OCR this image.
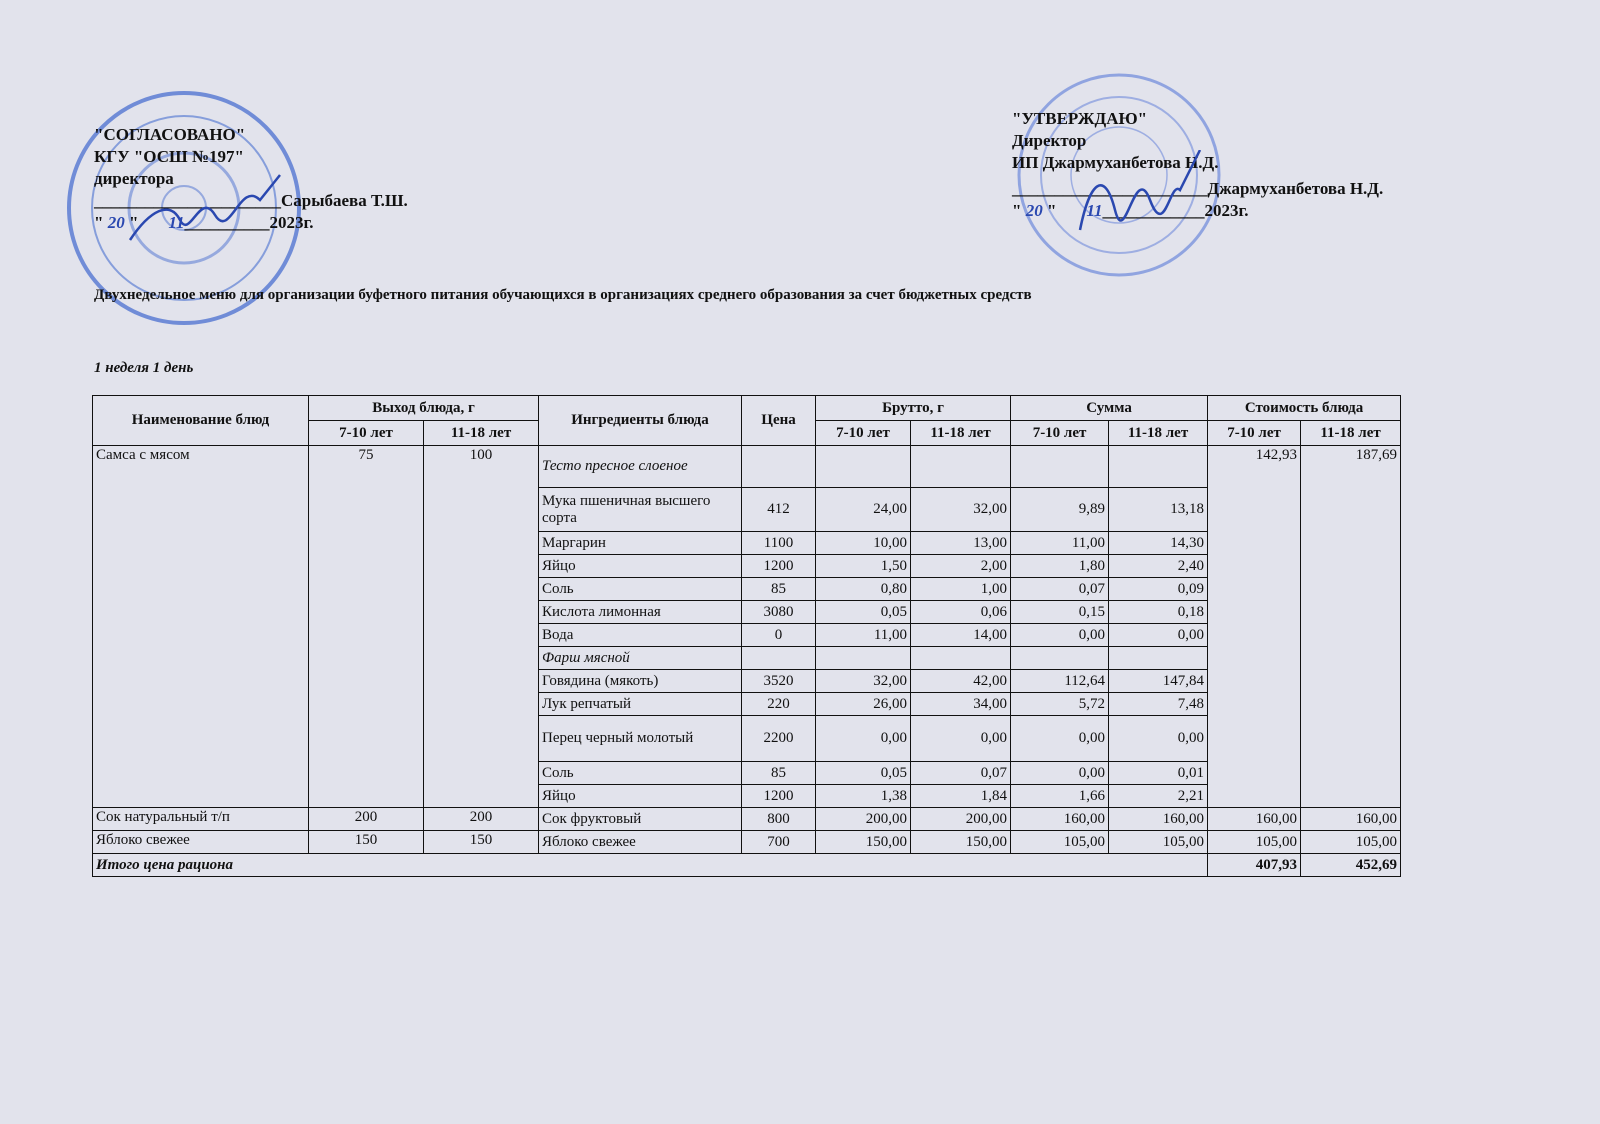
"СОГЛАСОВАНО"
КГУ "ОСШ №197"
директора
______________________Сарыбаева Т.Ш.
" 20 " 11__________2023г.
"УТВЕРЖДАЮ"
Директор
ИП Джармуханбетова Н.Д.
_______________________Джармуханбетова Н.Д.
" 20 " 11____________2023г.
Двухнедельное меню для организации буфетного питания обучающихся в организациях среднего образования за счет бюджетных средств
1 неделя 1 день
Наименование блюд	Выход блюда, г		Ингредиенты блюда	Цена	Брутто, г		Сумма		Стоимость блюда	
	7-10 лет	11-18 лет			7-10 лет	11-18 лет	7-10 лет	11-18 лет	7-10 лет	11-18 лет
Самса с мясом	75	100	Тесто пресное слоеное						142,93	187,69
			Мука пшеничная высшего сорта	412	24,00	32,00	9,89	13,18		
			Маргарин	1100	10,00	13,00	11,00	14,30		
			Яйцо	1200	1,50	2,00	1,80	2,40		
			Соль	85	0,80	1,00	0,07	0,09		
			Кислота лимонная	3080	0,05	0,06	0,15	0,18		
			Вода	0	11,00	14,00	0,00	0,00		
			Фарш мясной							
			Говядина (мякоть)	3520	32,00	42,00	112,64	147,84		
			Лук репчатый	220	26,00	34,00	5,72	7,48		
			Перец черный молотый	2200	0,00	0,00	0,00	0,00		
			Соль	85	0,05	0,07	0,00	0,01		
			Яйцо	1200	1,38	1,84	1,66	2,21		
Сок натуральный т/п	200	200	Сок фруктовый	800	200,00	200,00	160,00	160,00	160,00	160,00
Яблоко свежее	150	150	Яблоко свежее	700	150,00	150,00	105,00	105,00	105,00	105,00
Итого цена рациона									407,93	452,69
